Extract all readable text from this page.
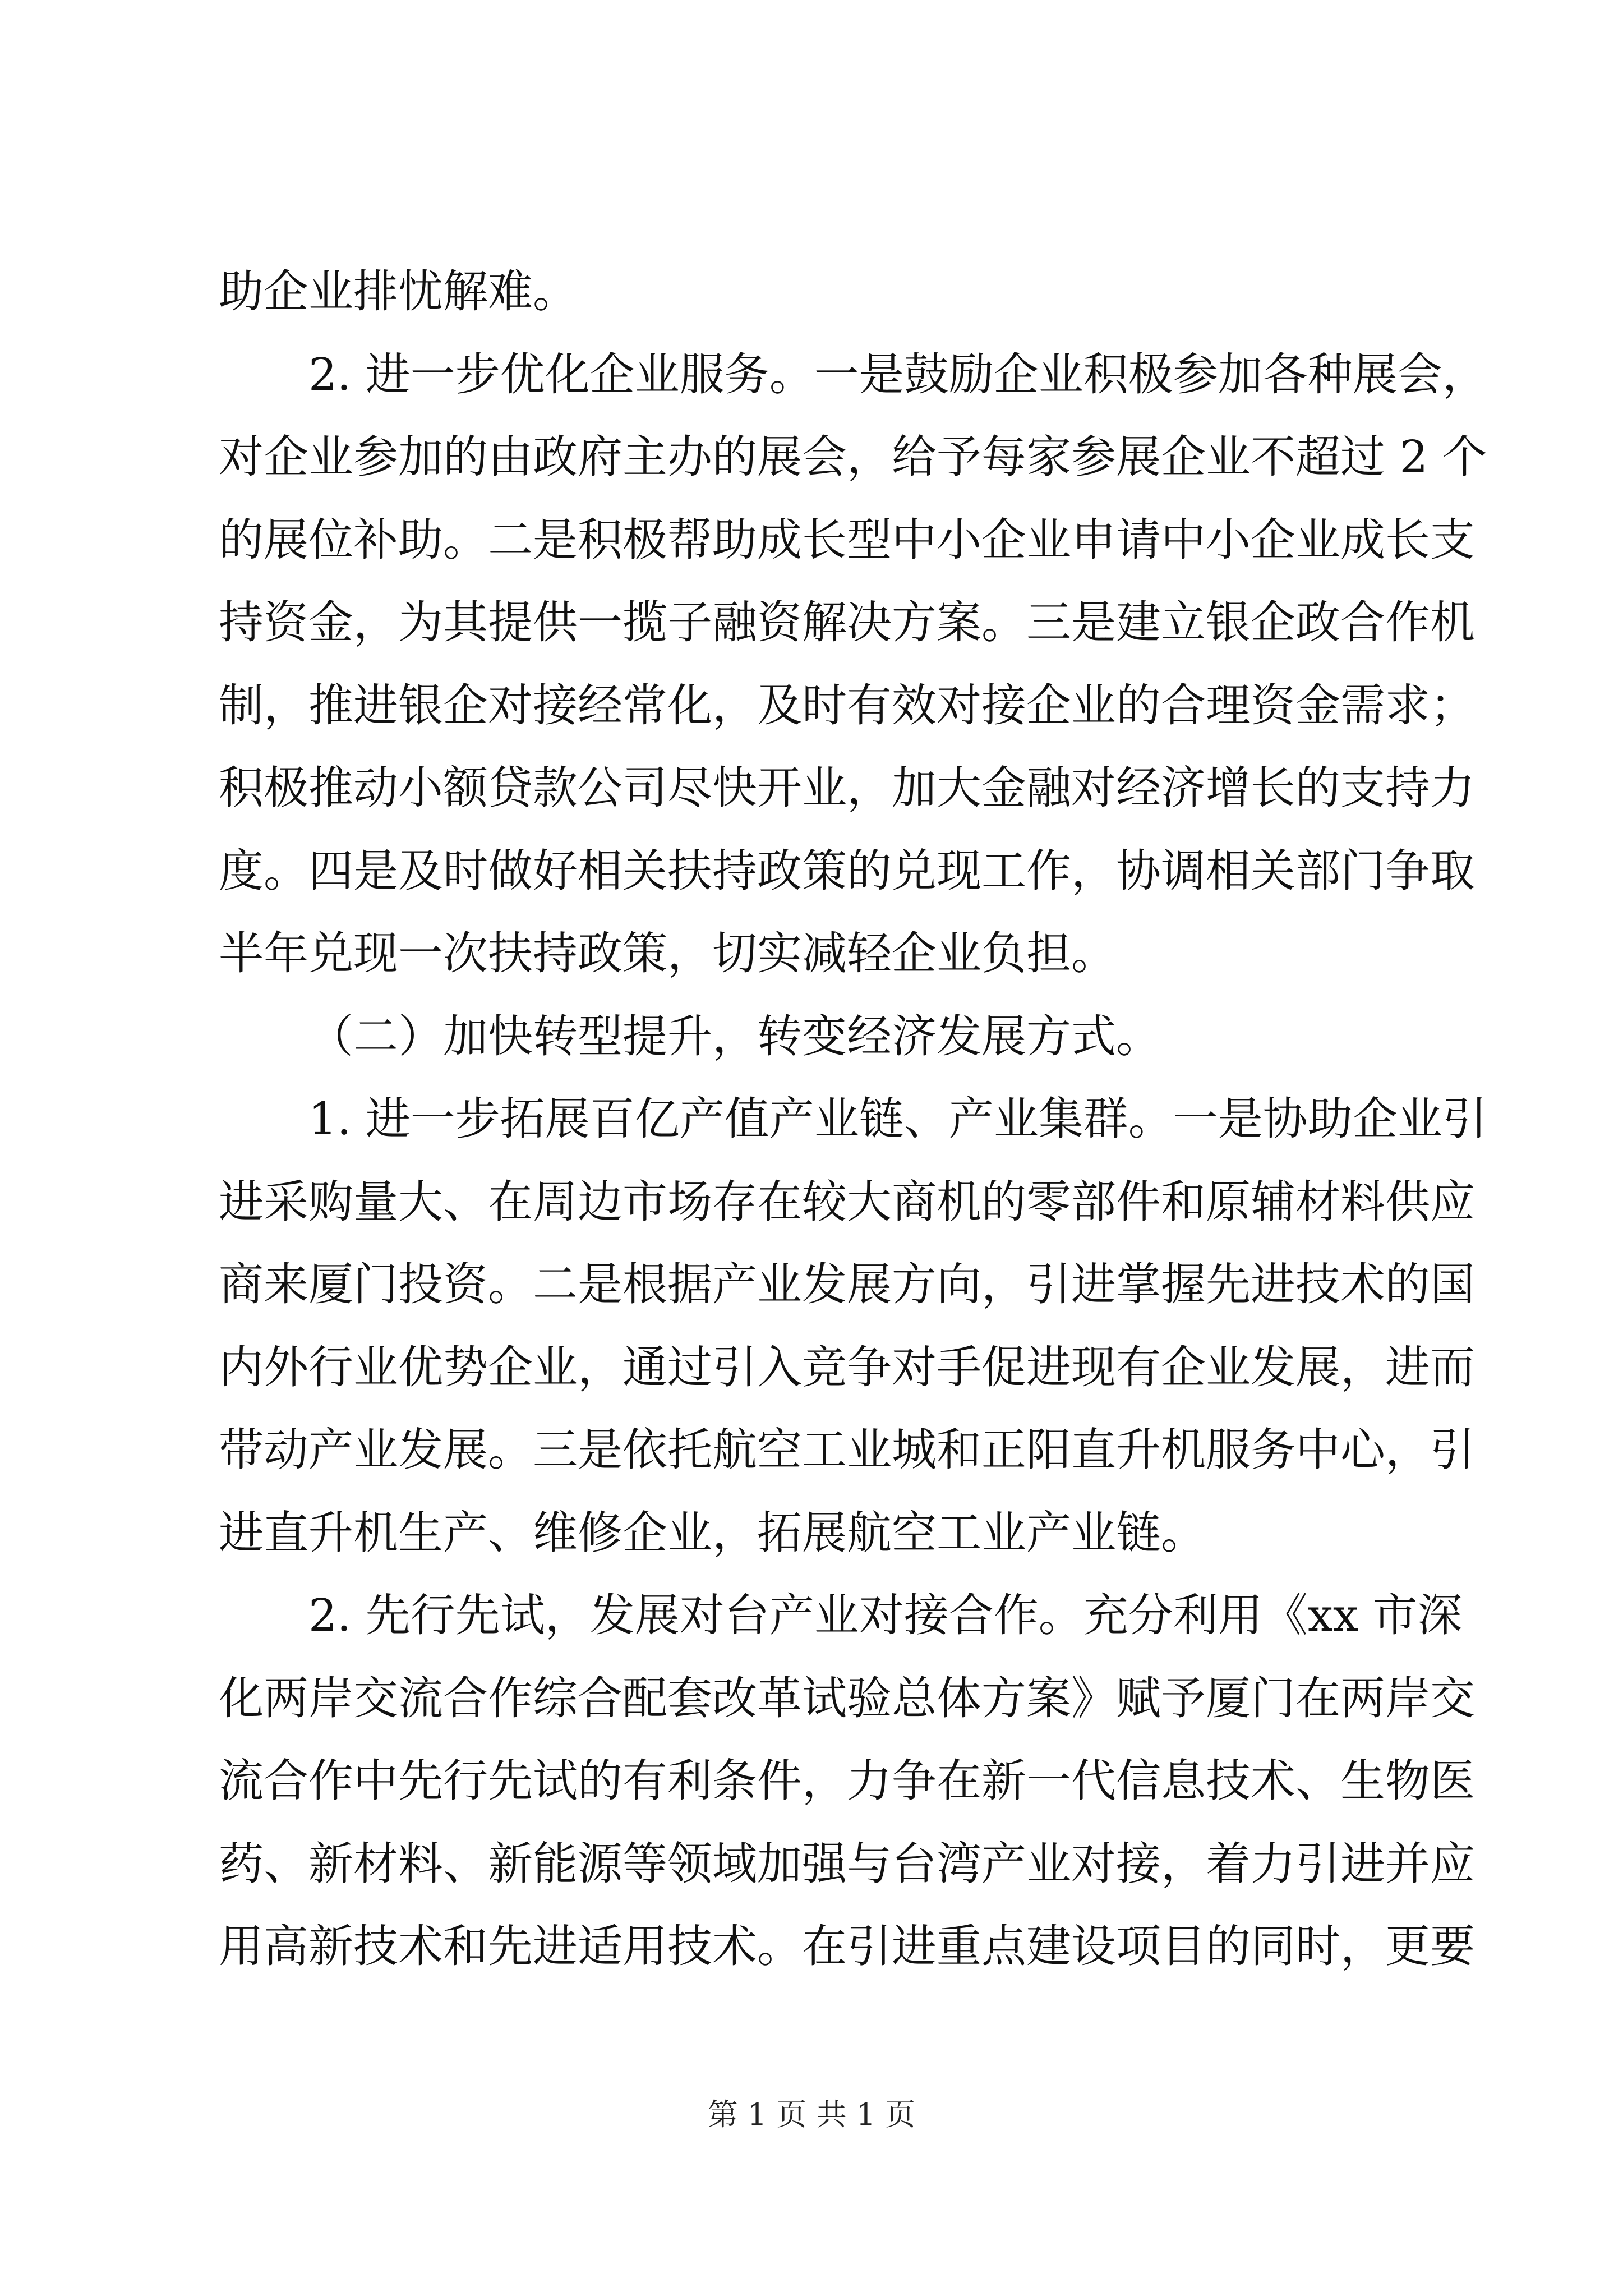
助企业排忧解难。
2. 进一步优化企业服务。一是鼓励企业积极参加各种展会，
对企业参加的由政府主办的展会，给予每家参展企业不超过 2 个
的展位补助。二是积极帮助成长型中小企业申请中小企业成长支
持资金，为其提供一揽子融资解决方案。三是建立银企政合作机
制，推进银企对接经常化，及时有效对接企业的合理资金需求；
积极推动小额贷款公司尽快开业，加大金融对经济增长的支持力
度。四是及时做好相关扶持政策的兑现工作，协调相关部门争取
半年兑现一次扶持政策，切实减轻企业负担。
（二）加快转型提升，转变经济发展方式。
1. 进一步拓展百亿产值产业链、产业集群。一是协助企业引
进采购量大、在周边市场存在较大商机的零部件和原辅材料供应
商来厦门投资。二是根据产业发展方向，引进掌握先进技术的国
内外行业优势企业，通过引入竞争对手促进现有企业发展，进而
带动产业发展。三是依托航空工业城和正阳直升机服务中心，引
进直升机生产、维修企业，拓展航空工业产业链。
2. 先行先试，发展对台产业对接合作。充分利用《xx 市深
化两岸交流合作综合配套改革试验总体方案》赋予厦门在两岸交
流合作中先行先试的有利条件，力争在新一代信息技术、生物医
药、新材料、新能源等领域加强与台湾产业对接，着力引进并应
用高新技术和先进适用技术。在引进重点建设项目的同时，更要
第 1 页 共 1 页
